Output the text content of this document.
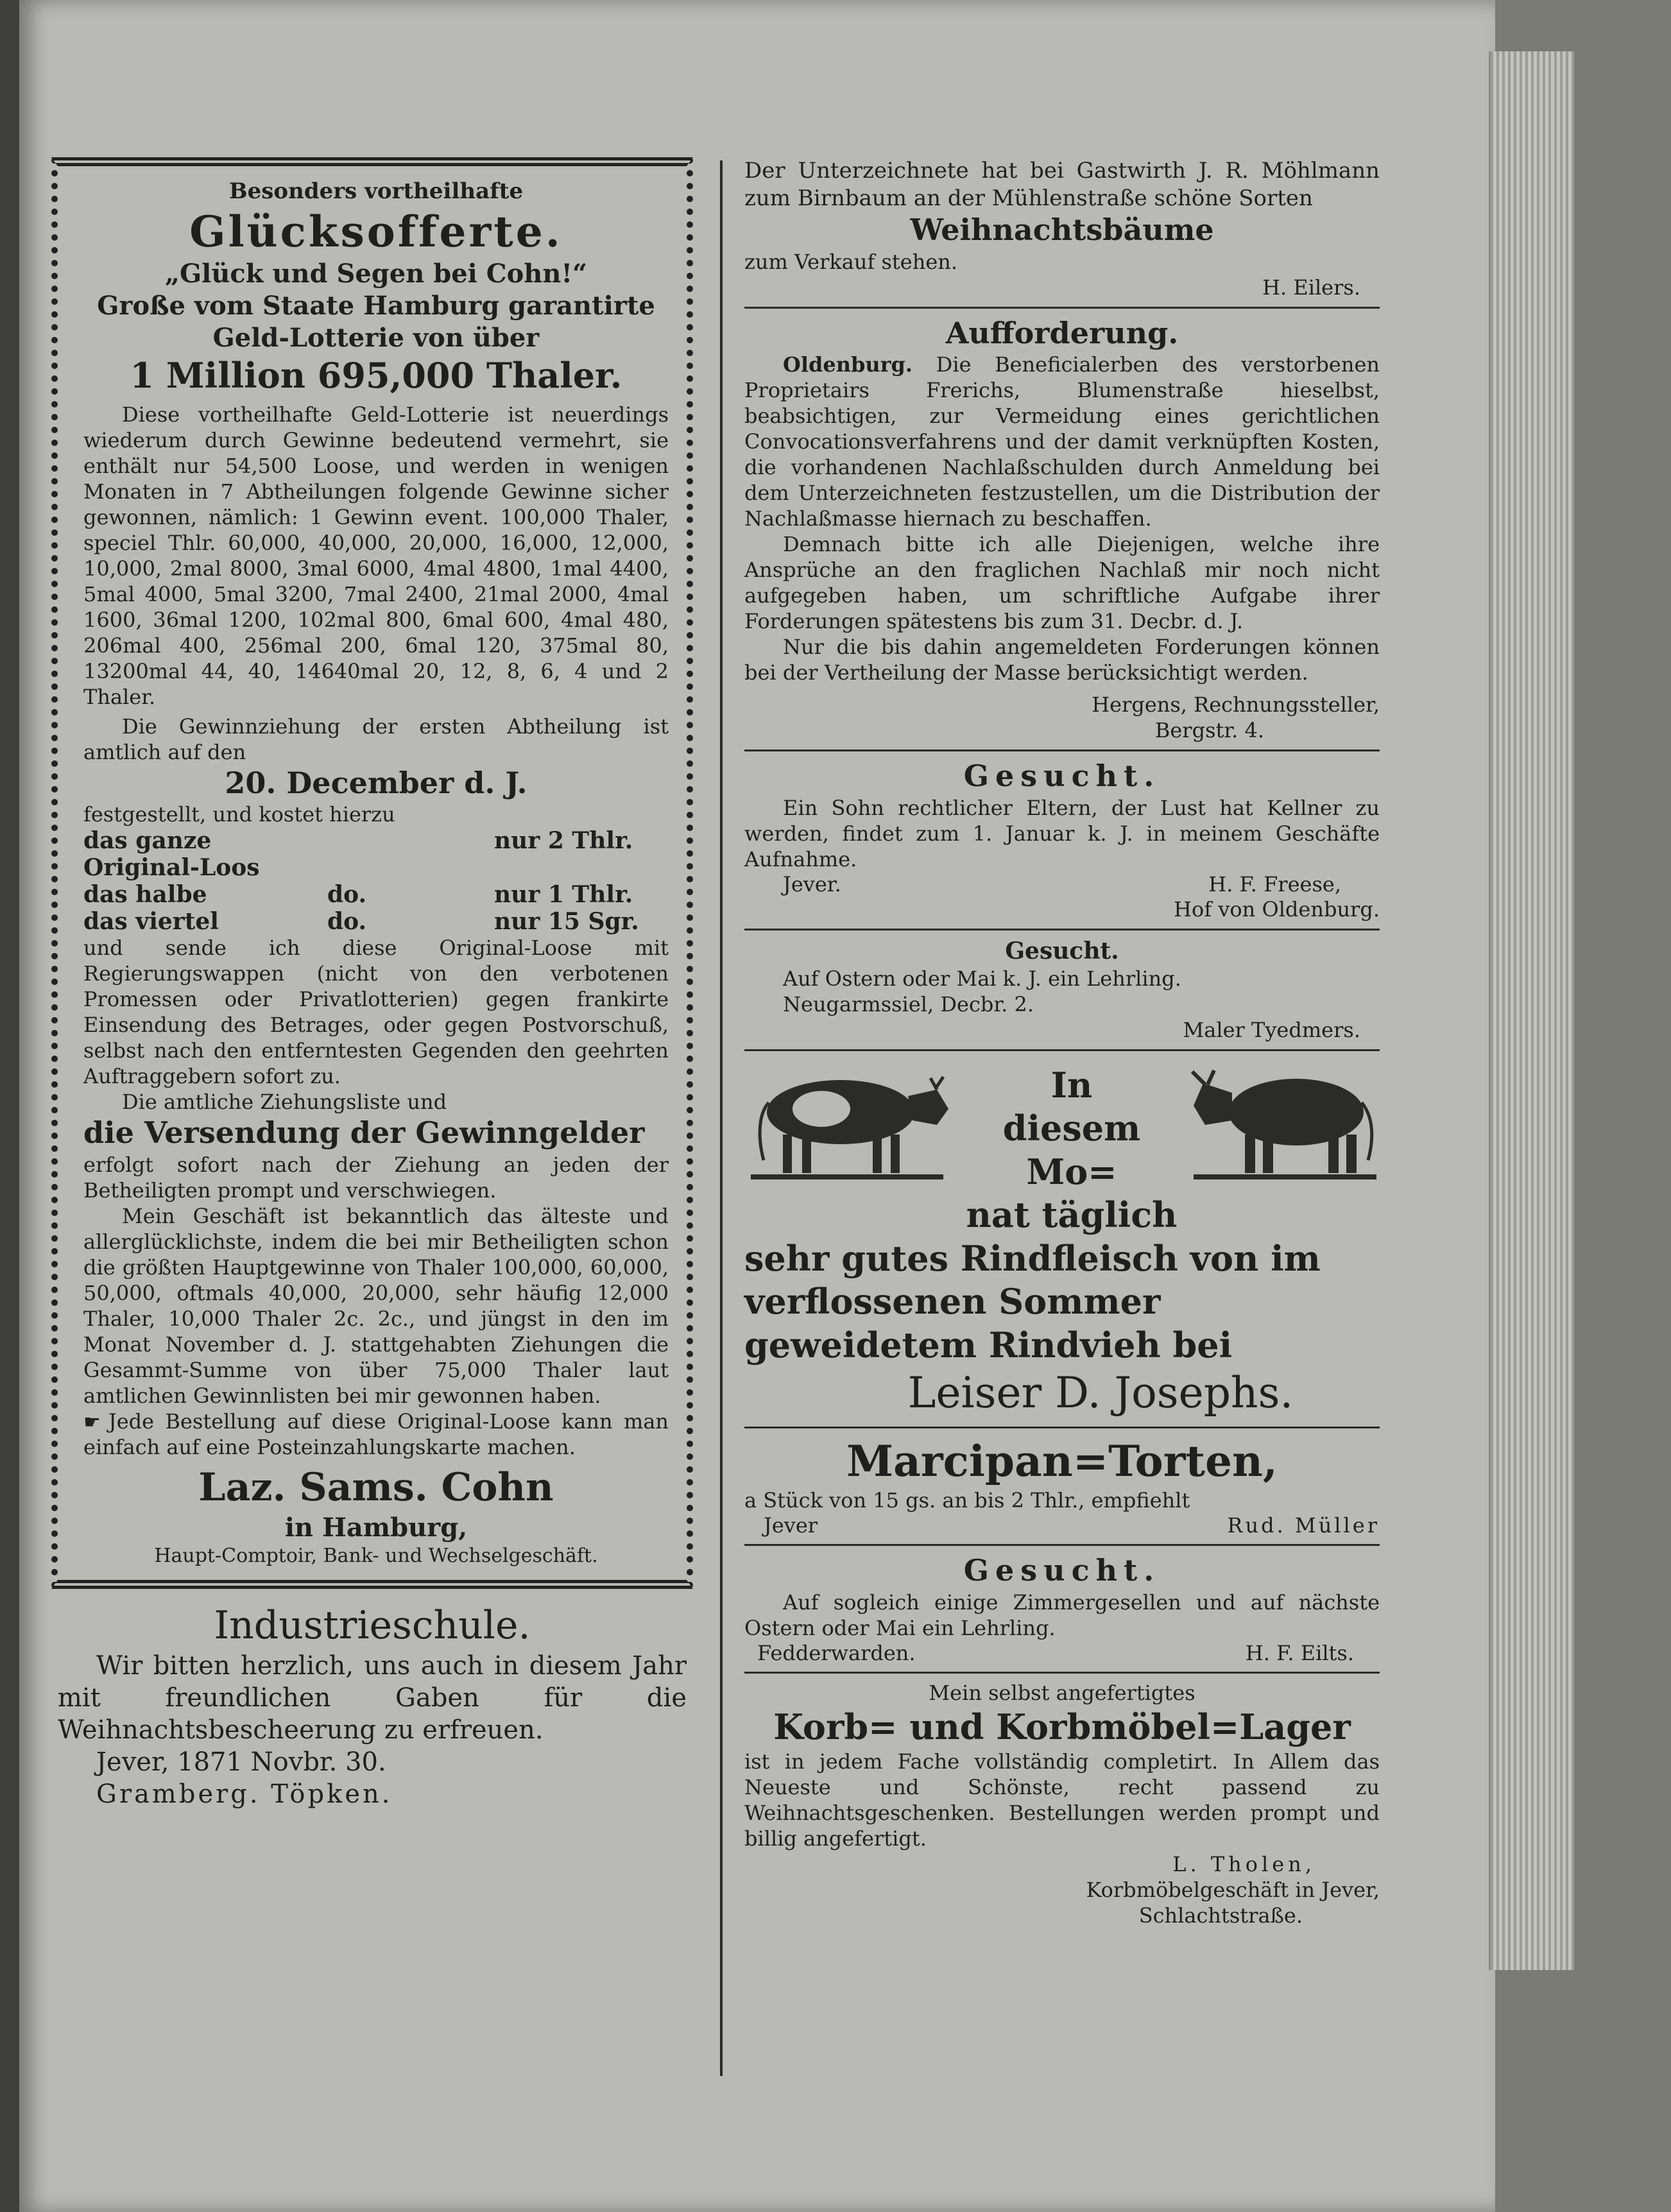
Besonders vortheilhafte

Glücksofferte.

„Glück und Segen bei Cohn!“

Große vom Staate Hamburg garantirte Geld-Lotterie von über

1 Million 695,000 Thaler.

Diese vortheilhafte Geld-Lotterie ist neuerdings wiederum durch Gewinne bedeutend vermehrt, sie enthält nur 54,500 Loose, und werden in wenigen Monaten in 7 Abtheilungen folgende Gewinne sicher gewonnen, nämlich: 1 Gewinn event. 100,000 Thaler, speciel Thlr. 60,000, 40,000, 20,000, 16,000, 12,000, 10,000, 2mal 8000, 3mal 6000, 4mal 4800, 1mal 4400, 5mal 4000, 5mal 3200, 7mal 2400, 21mal 2000, 4mal 1600, 36mal 1200, 102mal 800, 6mal 600, 4mal 480, 206mal 400, 256mal 200, 6mal 120, 375mal 80, 13200mal 44, 40, 14640mal 20, 12, 8, 6, 4 und 2 Thaler.

Die Gewinnziehung der ersten Abtheilung ist amtlich auf den

20. December d. J.

festgestellt, und kostet hierzu

das ganze Original-Loos
nur 2 Thlr.
das halbe	do.	nur 1 Thlr.
das viertel	do.	nur 15 Sgr.

und sende ich diese Original-Loose mit Regierungswappen (nicht von den verbotenen Promessen oder Privatlotterien) gegen frankirte Einsendung des Betrages, oder gegen Postvorschuß, selbst nach den entferntesten Gegenden den geehrten Auftraggebern sofort zu.

Die amtliche Ziehungsliste und

die Versendung der Gewinngelder

erfolgt sofort nach der Ziehung an jeden der Betheiligten prompt und verschwiegen.

Mein Geschäft ist bekanntlich das älteste und allerglücklichste, indem die bei mir Betheiligten schon die größten Hauptgewinne von Thaler 100,000, 60,000, 50,000, oftmals 40,000, 20,000, sehr häufig 12,000 Thaler, 10,000 Thaler 2c. 2c., und jüngst in den im Monat November d. J. stattgehabten Ziehungen die Gesammt-Summe von über 75,000 Thaler laut amtlichen Gewinnlisten bei mir gewonnen haben.

☛ Jede Bestellung auf diese Original-Loose kann man einfach auf eine Posteinzahlungskarte machen.

Laz. Sams. Cohn

in Hamburg,

Haupt-Comptoir, Bank- und Wechselgeschäft.

Industrieschule.

Wir bitten herzlich, uns auch in diesem Jahr mit freundlichen Gaben für die Weihnachtsbescheerung zu erfreuen.

Jever, 1871 Novbr. 30.

Gramberg. Töpken.

Der Unterzeichnete hat bei Gastwirth J. R. Möhlmann zum Birnbaum an der Mühlenstraße schöne Sorten

Weihnachtsbäume

zum Verkauf stehen.

H. Eilers.

Aufforderung.

Oldenburg. Die Beneficialerben des verstorbenen Proprietairs Frerichs, Blumenstraße hieselbst, beabsichtigen, zur Vermeidung eines gerichtlichen Convocationsverfahrens und der damit verknüpften Kosten, die vorhandenen Nachlaßschulden durch Anmeldung bei dem Unterzeichneten festzustellen, um die Distribution der Nachlaßmasse hiernach zu beschaffen.

Demnach bitte ich alle Diejenigen, welche ihre Ansprüche an den fraglichen Nachlaß mir noch nicht aufgegeben haben, um schriftliche Aufgabe ihrer Forderungen spätestens bis zum 31. Decbr. d. J.

Nur die bis dahin angemeldeten Forderungen können bei der Vertheilung der Masse berücksichtigt werden.

Hergens, Rechnungssteller,

Bergstr. 4.

Gesucht.

Ein Sohn rechtlicher Eltern, der Lust hat Kellner zu werden, findet zum 1. Januar k. J. in meinem Geschäfte Aufnahme.

Jever.	H. F. Freese,

Hof von Oldenburg.

Gesucht.

Auf Ostern oder Mai k. J. ein Lehrling.

Neugarmssiel, Decbr. 2.

Maler Tyedmers.

In

diesem Mo=

nat täglich

sehr gutes Rindfleisch von im verflossenen Sommer geweidetem Rindvieh bei

Leiser D. Josephs.

Marcipan=Torten,

a Stück von 15 gs. an bis 2 Thlr., empfiehlt

Jever	Rud. Müller

Gesucht.

Auf sogleich einige Zimmergesellen und auf nächste Ostern oder Mai ein Lehrling.

Fedderwarden.	H. F. Eilts.

Mein selbst angefertigtes

Korb= und Korbmöbel=Lager

ist in jedem Fache vollständig completirt. In Allem das Neueste und Schönste, recht passend zu Weihnachtsgeschenken. Bestellungen werden prompt und billig angefertigt.

L. Tholen,

Korbmöbelgeschäft in Jever,

Schlachtstraße.
